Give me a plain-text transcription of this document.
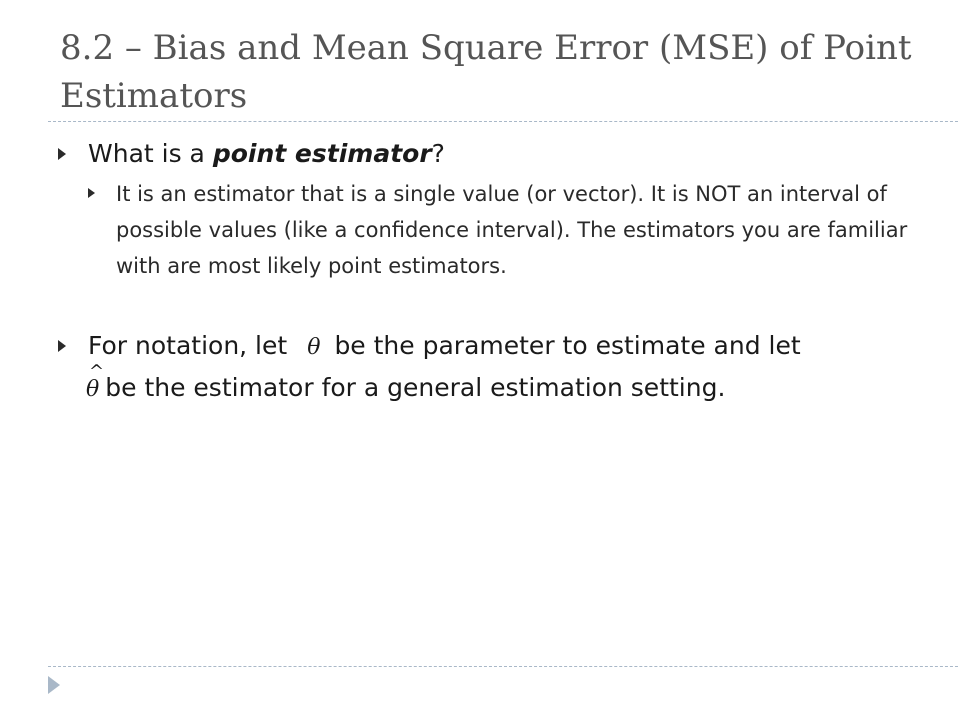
8.2 – Bias and Mean Square Error (MSE) of Point Estimators

What is a point estimator?

It is an estimator that is a single value (or vector). It is NOT an interval of possible values (like a confidence interval). The estimators you are familiar with are most likely point estimators.

For notation, let θ be the parameter to estimate and let

^
θ be the estimator for a general estimation setting.
